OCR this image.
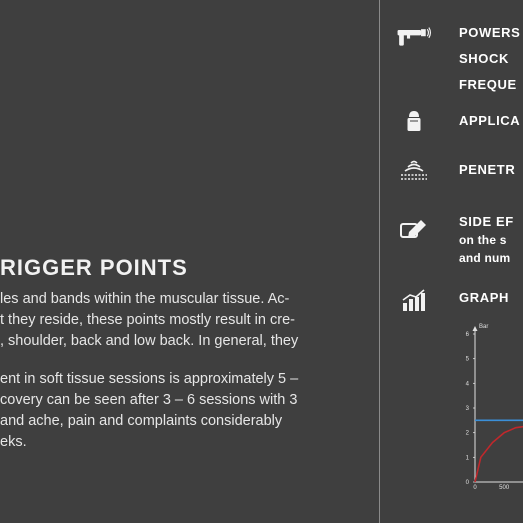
RIGGER POINTS
les and bands within the muscular tissue. Ac-
t they reside, these points mostly result in cre-
, shoulder, back and low back. In general, they
ent in soft tissue sessions is approximately 5 –
covery can be seen after 3 – 6 sessions with 3
and ache, pain and complaints considerably
eks.
POWERS
SHOCK
FREQUE
APPLICA
PENETR
SIDE EF
on the s
and num
GRAPH
Bar
0
1
2
3
4
5
6
0	500
